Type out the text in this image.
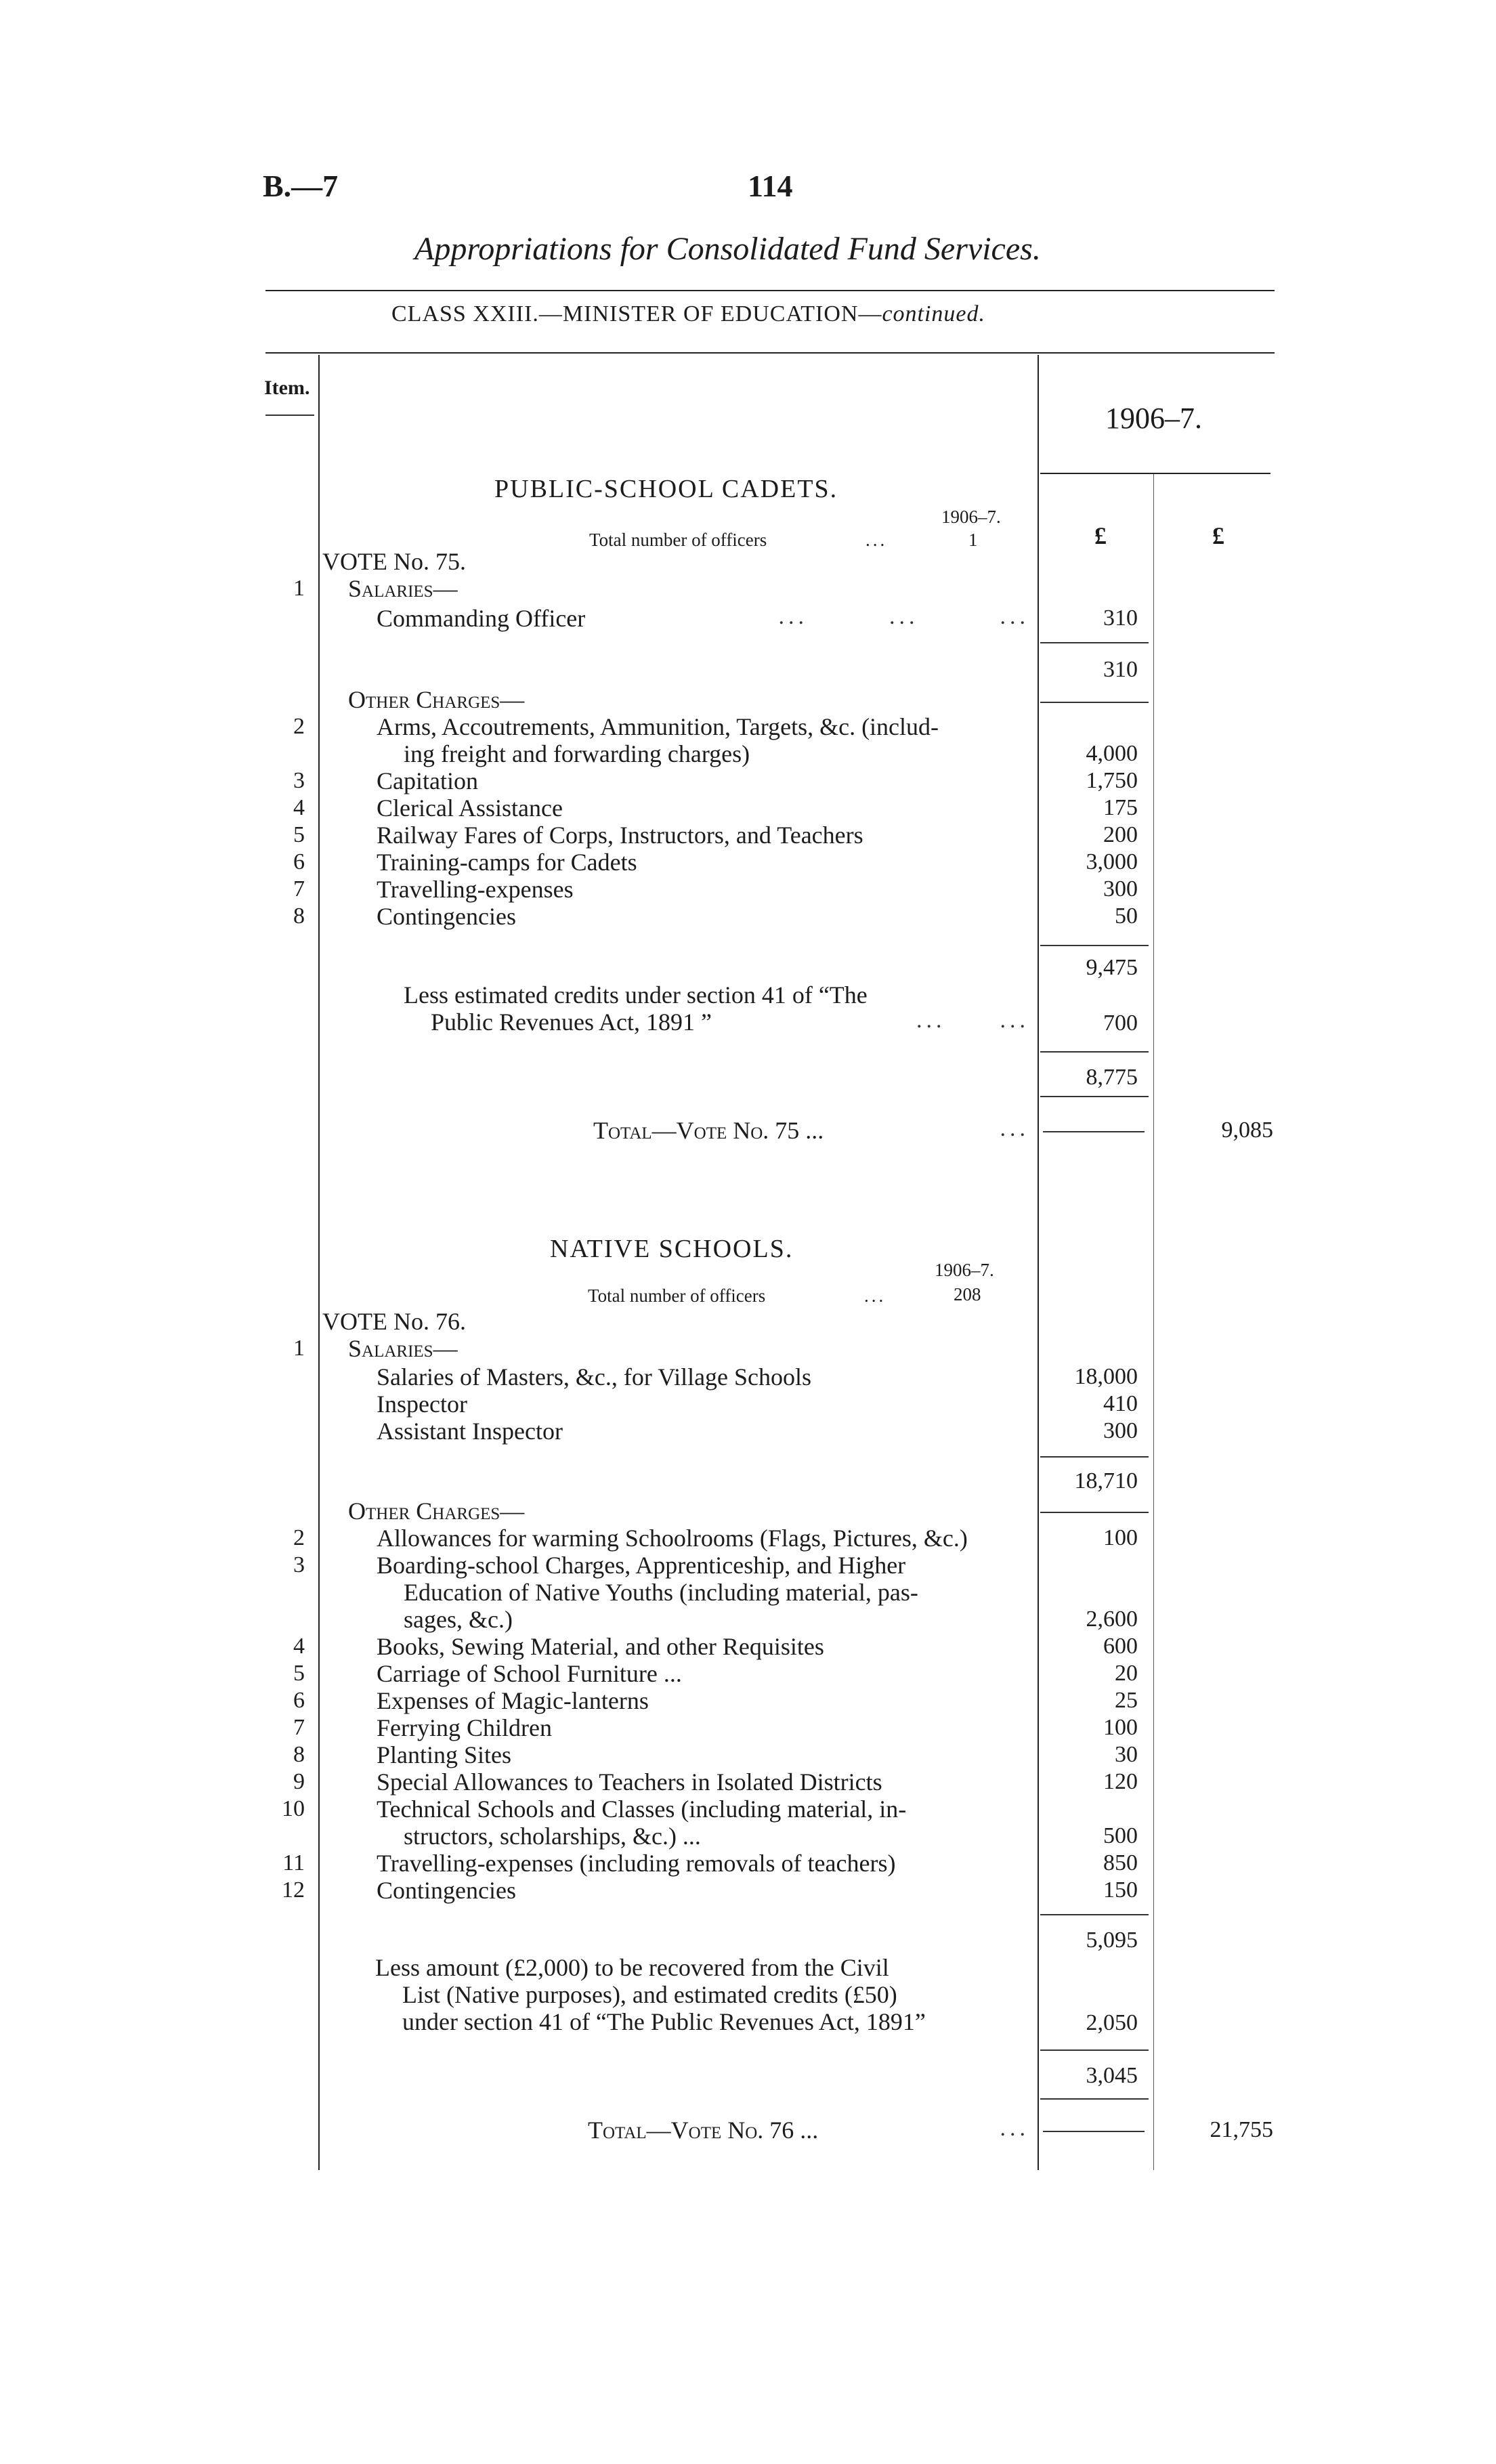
B.—7	114
Appropriations for Consolidated Fund Services.
CLASS XXIII.—MINISTER OF EDUCATION—continued.
Item.
1906–7.
£	£
PUBLIC-SCHOOL CADETS.
1906–7.
Total number of officers	...	1
VOTE No. 75.
1 Salaries—
Commanding Officer	...   ...   ...	310
310
Other Charges—
2	Arms, Accoutrements, Ammunition, Targets, &c. (includ-
ing freight and forwarding charges)	4,000
3	Capitation	1,750
4	Clerical Assistance	175
5	Railway Fares of Corps, Instructors, and Teachers	200
6	Training-camps for Cadets	3,000
7	Travelling-expenses	300
8	Contingencies	50
9,475
Less estimated credits under section 41 of “The
Public Revenues Act, 1891 ”	...  ...	700
8,775
Total—Vote No. 75 ...	...	9,085
NATIVE SCHOOLS.
1906–7.
Total number of officers	...	208
VOTE No. 76.
1 Salaries—
Salaries of Masters, &c., for Village Schools	18,000
Inspector	410
Assistant Inspector	300
18,710
Other Charges—
2	Allowances for warming Schoolrooms (Flags, Pictures, &c.)	100
3	Boarding-school Charges, Apprenticeship, and Higher
Education of Native Youths (including material, pas-
sages, &c.)	2,600
4	Books, Sewing Material, and other Requisites	600
5	Carriage of School Furniture ...	20
6	Expenses of Magic-lanterns	25
7	Ferrying Children	100
8	Planting Sites	30
9	Special Allowances to Teachers in Isolated Districts	120
10	Technical Schools and Classes (including material, in-
structors, scholarships, &c.) ...	500
11	Travelling-expenses (including removals of teachers)	850
12	Contingencies	150
5,095
Less amount (£2,000) to be recovered from the Civil
List (Native purposes), and estimated credits (£50)
under section 41 of “The Public Revenues Act, 1891”	2,050
3,045
Total—Vote No. 76 ...	...	21,755
